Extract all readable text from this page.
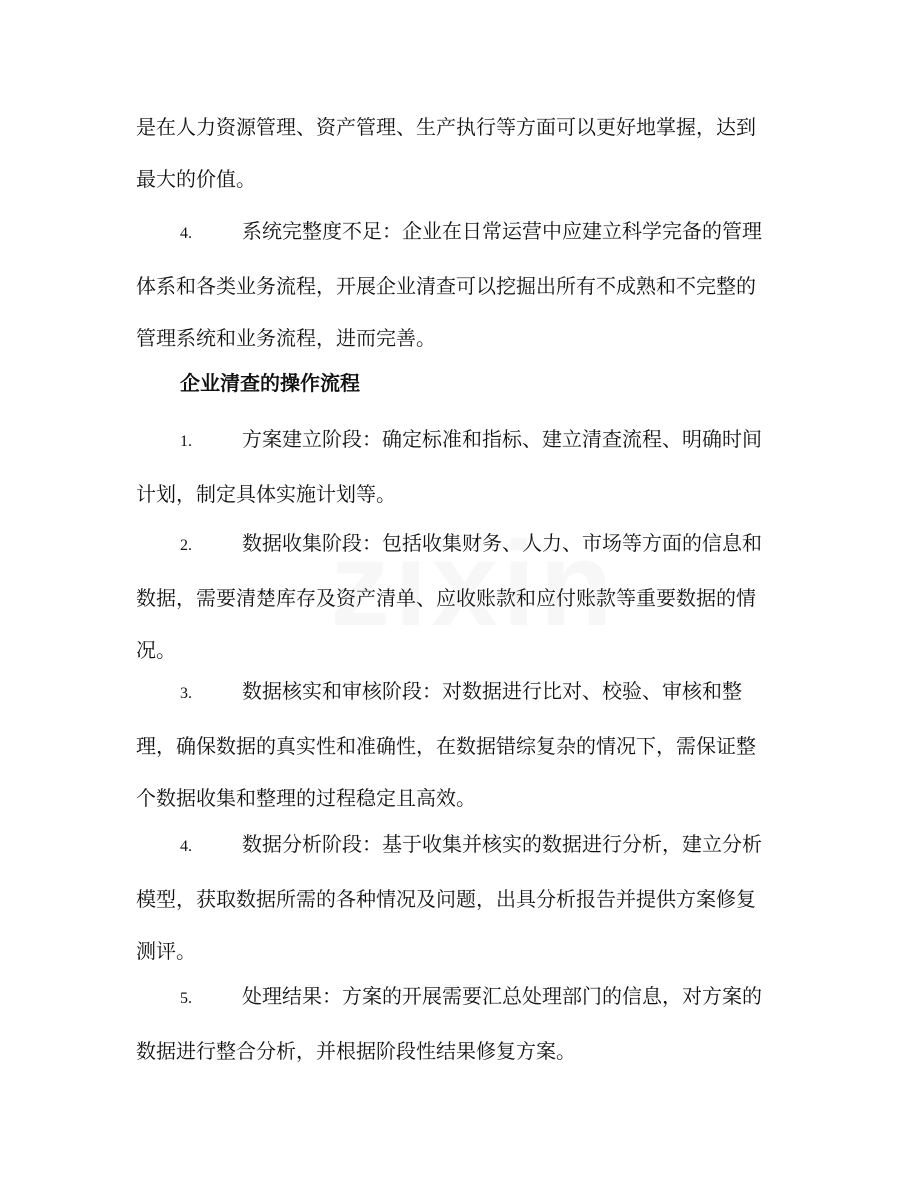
是在人力资源管理、资产管理、生产执行等方面可以更好地掌握，达到最大的价值。

4.	系统完整度不足：企业在日常运营中应建立科学完备的管理体系和各类业务流程，开展企业清查可以挖掘出所有不成熟和不完整的管理系统和业务流程，进而完善。

企业清查的操作流程

1.	方案建立阶段：确定标准和指标、建立清查流程、明确时间计划，制定具体实施计划等。

2.	数据收集阶段：包括收集财务、人力、市场等方面的信息和数据，需要清楚库存及资产清单、应收账款和应付账款等重要数据的情况。

3.	数据核实和审核阶段：对数据进行比对、校验、审核和整理，确保数据的真实性和准确性，在数据错综复杂的情况下，需保证整个数据收集和整理的过程稳定且高效。

4.	数据分析阶段：基于收集并核实的数据进行分析，建立分析模型，获取数据所需的各种情况及问题，出具分析报告并提供方案修复测评。

5.	处理结果：方案的开展需要汇总处理部门的信息，对方案的数据进行整合分析，并根据阶段性结果修复方案。
